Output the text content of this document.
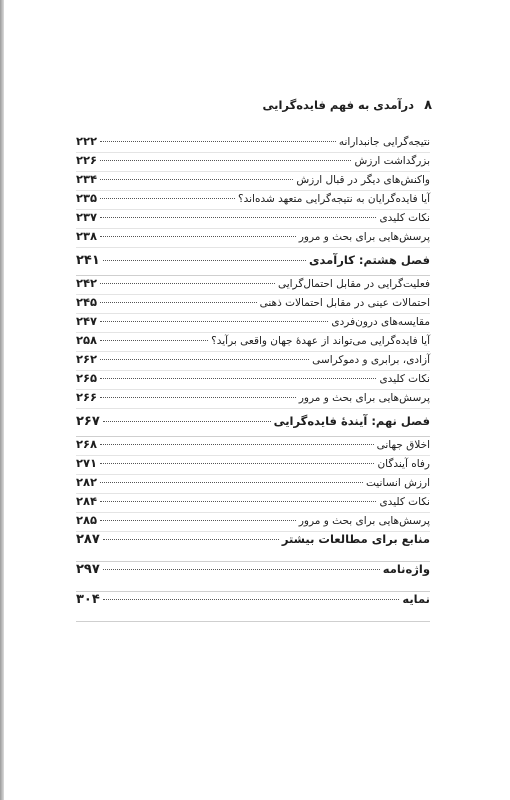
۸
درآمدی به فهم فایده‌گرایی
نتیجه‌گرایی جانبدارانه
۲۲۲
بزرگداشت ارزش
۲۲۶
واکنش‌های دیگر در قبال ارزش
۲۳۴
آیا فایده‌گرایان به نتیجه‌گرایی متعهد شده‌اند؟
۲۳۵
نکات کلیدی
۲۳۷
پرسش‌هایی برای بحث و مرور
۲۳۸
فصل هشتم: کارآمدی
۲۴۱
فعلیت‌گرایی در مقابل احتمال‌گرایی
۲۴۲
احتمالات عینی در مقابل احتمالات ذهنی
۲۴۵
مقایسه‌های درون‌فردی
۲۴۷
آیا فایده‌گرایی می‌تواند از عهدهٔ جهان واقعی برآید؟
۲۵۸
آزادی، برابری و دموکراسی
۲۶۲
نکات کلیدی
۲۶۵
پرسش‌هایی برای بحث و مرور
۲۶۶
فصل نهم: آیندهٔ فایده‌گرایی
۲۶۷
اخلاق جهانی
۲۶۸
رفاه آیندگان
۲۷۱
ارزش انسانیت
۲۸۲
نکات کلیدی
۲۸۴
پرسش‌هایی برای بحث و مرور
۲۸۵
منابع برای مطالعات بیشتر
۲۸۷
واژه‌نامه
۲۹۷
نمایه
۳۰۴
